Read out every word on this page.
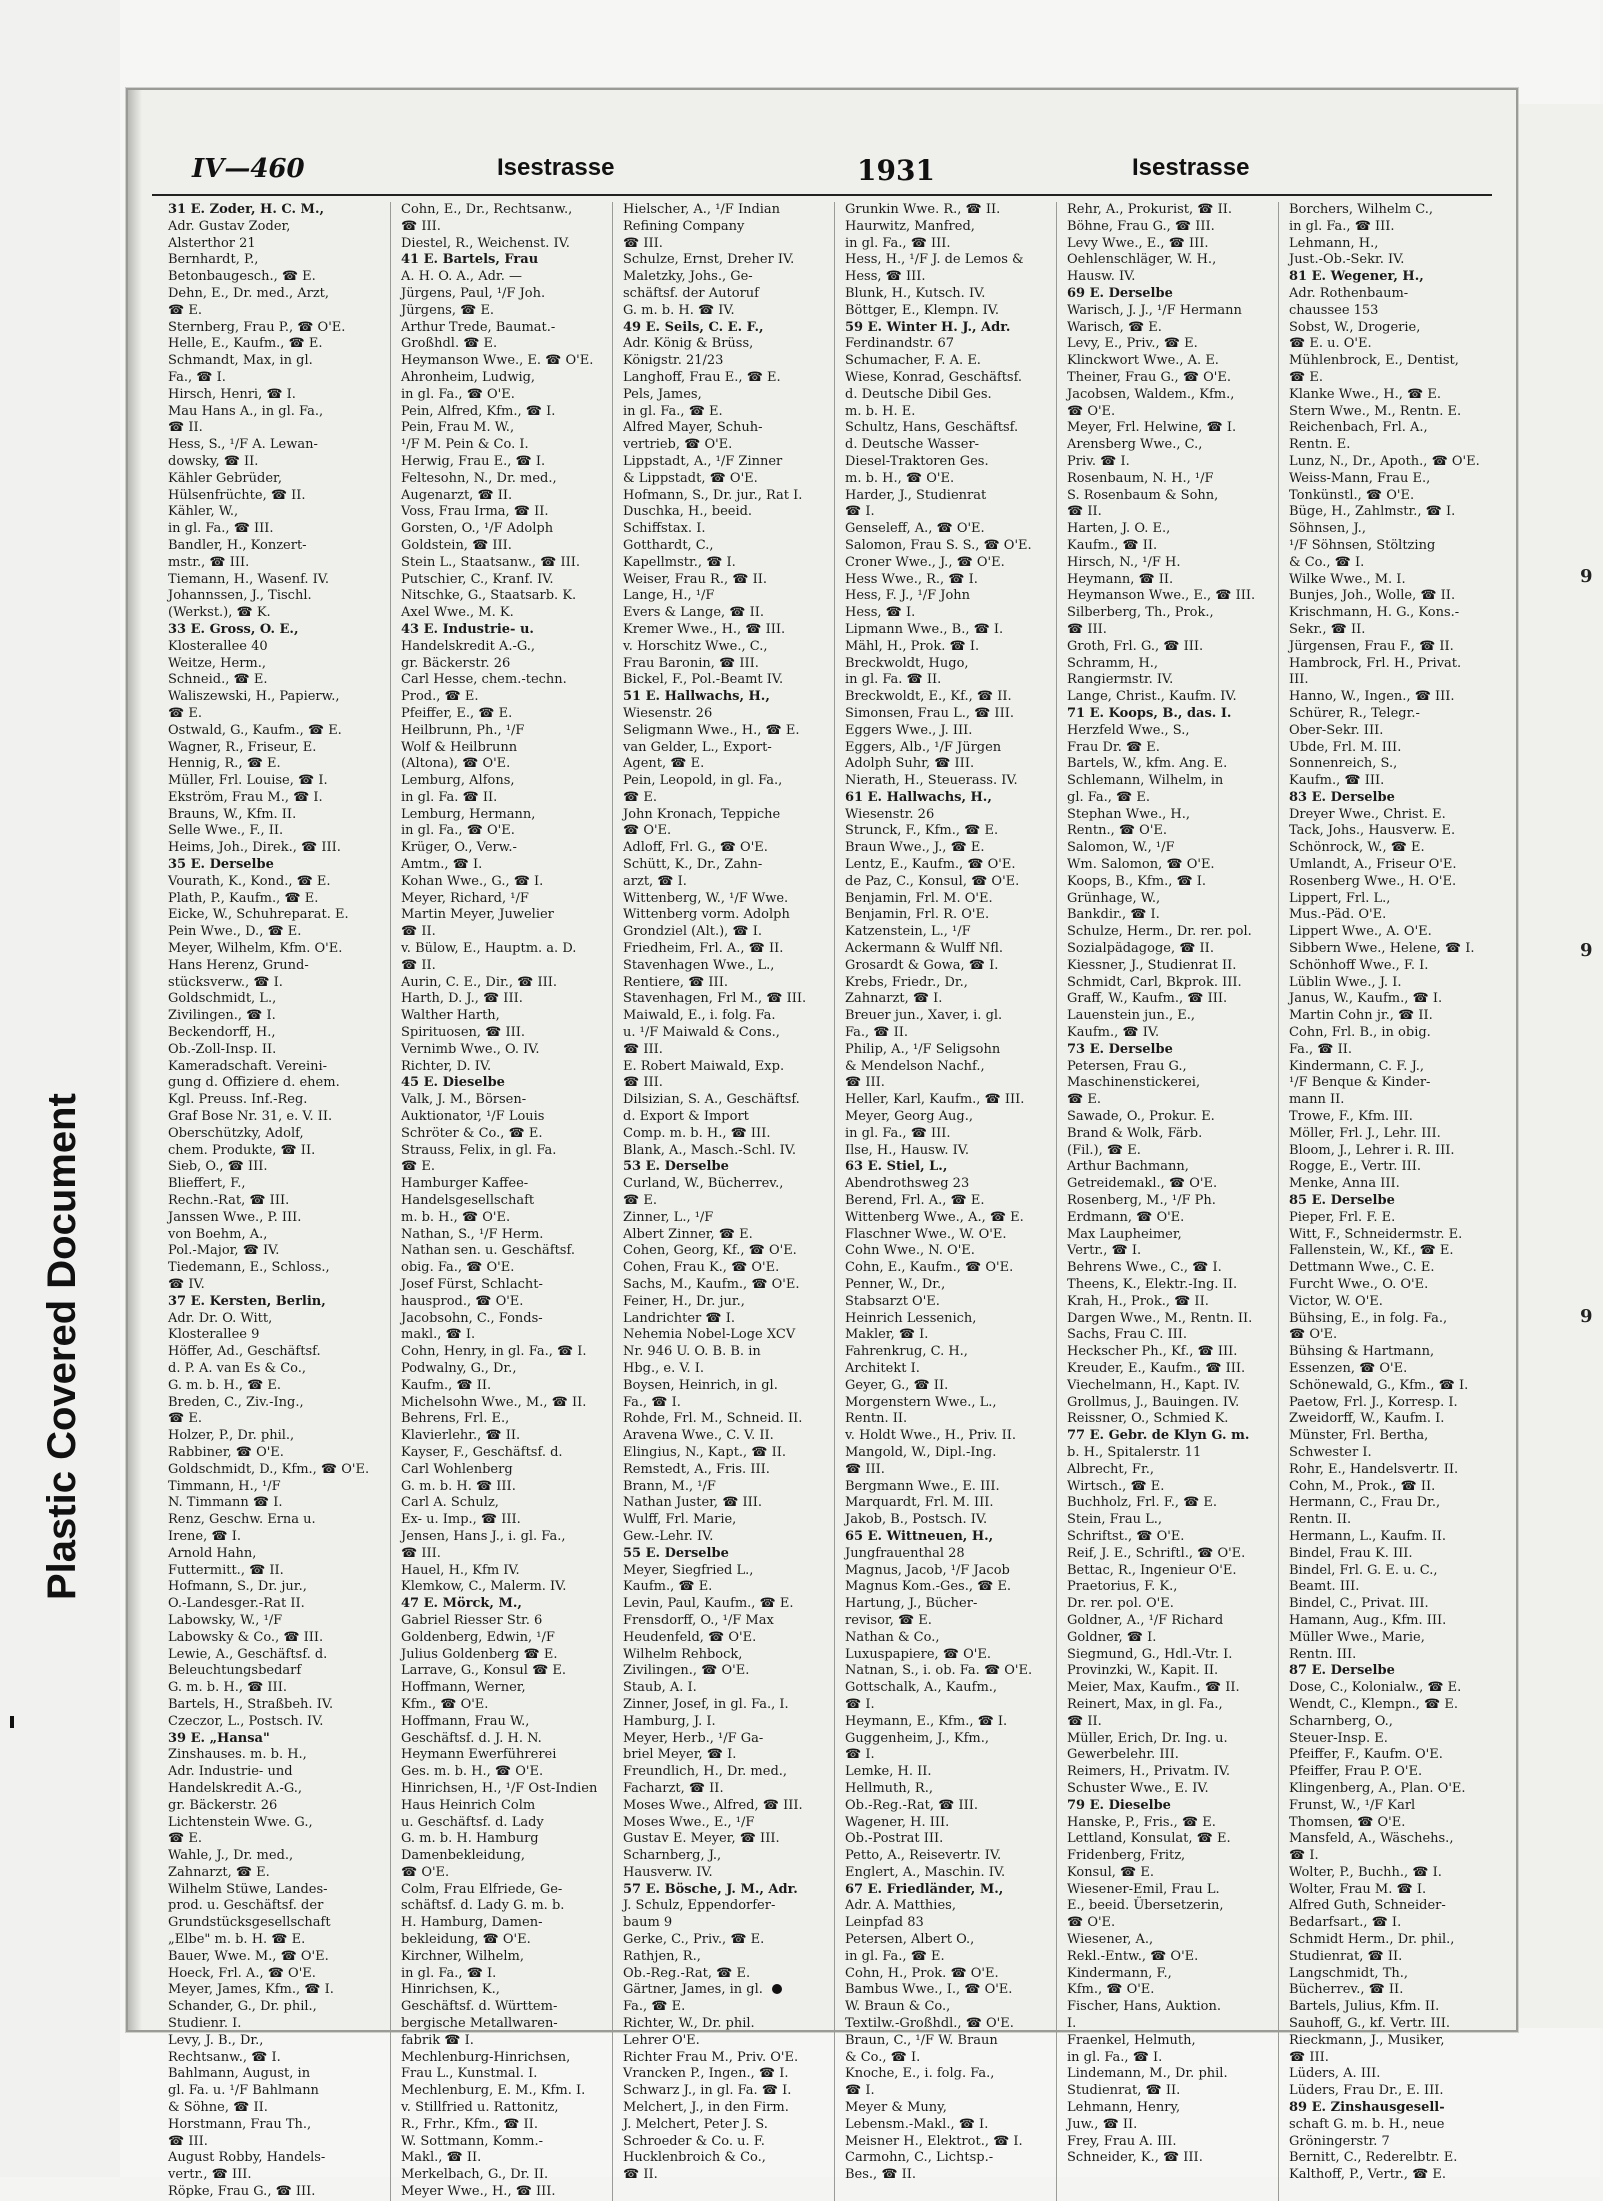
Plastic Covered Document
9
9
9
IV—460	Isestrasse	1931	Isestrasse
31 E. Zoder, H. C. M.,
Adr. Gustav Zoder,
Alsterthor 21
Bernhardt, P.,
Betonbaugesch., ☎ E.
Dehn, E., Dr. med., Arzt,
☎ E.
Sternberg, Frau P., ☎ O'E.
Helle, E., Kaufm., ☎ E.
Schmandt, Max, in gl.
Fa., ☎ I.
Hirsch, Henri, ☎ I.
Mau Hans A., in gl. Fa.,
☎ II.
Hess, S., ¹/F A. Lewan-
dowsky, ☎ II.
Kähler Gebrüder,
Hülsenfrüchte, ☎ II.
Kähler, W.,
in gl. Fa., ☎ III.
Bandler, H., Konzert-
mstr., ☎ III.
Tiemann, H., Wasenf. IV.
Johannssen, J., Tischl.
(Werkst.), ☎ K.
33 E. Gross, O. E.,
Klosterallee 40
Weitze, Herm.,
Schneid., ☎ E.
Waliszewski, H., Papierw.,
☎ E.
Ostwald, G., Kaufm., ☎ E.
Wagner, R., Friseur, E.
Hennig, R., ☎ E.
Müller, Frl. Louise, ☎ I.
Ekström, Frau M., ☎ I.
Brauns, W., Kfm. II.
Selle Wwe., F., II.
Heims, Joh., Direk., ☎ III.
35 E. Derselbe
Vourath, K., Kond., ☎ E.
Plath, P., Kaufm., ☎ E.
Eicke, W., Schuhreparat. E.
Pein Wwe., D., ☎ E.
Meyer, Wilhelm, Kfm. O'E.
Hans Herenz, Grund-
stücksverw., ☎ I.
Goldschmidt, L.,
Zivilingen., ☎ I.
Beckendorff, H.,
Ob.-Zoll-Insp. II.
Kameradschaft. Vereini-
gung d. Offiziere d. ehem.
Kgl. Preuss. Inf.-Reg.
Graf Bose Nr. 31, e. V. II.
Oberschützky, Adolf,
chem. Produkte, ☎ II.
Sieb, O., ☎ III.
Blieffert, F.,
Rechn.-Rat, ☎ III.
Janssen Wwe., P. III.
von Boehm, A.,
Pol.-Major, ☎ IV.
Tiedemann, E., Schloss.,
☎ IV.
37 E. Kersten, Berlin,
Adr. Dr. O. Witt,
Klosterallee 9
Höffer, Ad., Geschäftsf.
d. P. A. van Es & Co.,
G. m. b. H., ☎ E.
Breden, C., Ziv.-Ing.,
☎ E.
Holzer, P., Dr. phil.,
Rabbiner, ☎ O'E.
Goldschmidt, D., Kfm., ☎ O'E.
Timmann, H., ¹/F
N. Timmann ☎ I.
Renz, Geschw. Erna u.
Irene, ☎ I.
Arnold Hahn,
Futtermitt., ☎ II.
Hofmann, S., Dr. jur.,
O.-Landesger.-Rat II.
Labowsky, W., ¹/F
Labowsky & Co., ☎ III.
Lewie, A., Geschäftsf. d.
Beleuchtungsbedarf
G. m. b. H., ☎ III.
Bartels, H., Straßbeh. IV.
Czeczor, L., Postsch. IV.
39 E. „Hansa"
Zinshauses. m. b. H.,
Adr. Industrie- und
Handelskredit A.-G.,
gr. Bäckerstr. 26
Lichtenstein Wwe. G.,
☎ E.
Wahle, J., Dr. med.,
Zahnarzt, ☎ E.
Wilhelm Stüwe, Landes-
prod. u. Geschäftsf. der
Grundstücksgesellschaft
„Elbe" m. b. H. ☎ E.
Bauer, Wwe. M., ☎ O'E.
Hoeck, Frl. A., ☎ O'E.
Meyer, James, Kfm., ☎ I.
Schander, G., Dr. phil.,
Studienr. I.
Levy, J. B., Dr.,
Rechtsanw., ☎ I.
Bahlmann, August, in
gl. Fa. u. ¹/F Bahlmann
& Söhne, ☎ II.
Horstmann, Frau Th.,
☎ III.
August Robby, Handels-
vertr., ☎ III.
Röpke, Frau G., ☎ III.
Cohn, E., Dr., Rechtsanw.,
☎ III.
Diestel, R., Weichenst. IV.
41 E. Bartels, Frau
A. H. O. A., Adr. —
Jürgens, Paul, ¹/F Joh.
Jürgens, ☎ E.
Arthur Trede, Baumat.-
Großhdl. ☎ E.
Heymanson Wwe., E. ☎ O'E.
Ahronheim, Ludwig,
in gl. Fa., ☎ O'E.
Pein, Alfred, Kfm., ☎ I.
Pein, Frau M. W.,
¹/F M. Pein & Co. I.
Herwig, Frau E., ☎ I.
Feltesohn, N., Dr. med.,
Augenarzt, ☎ II.
Voss, Frau Irma, ☎ II.
Gorsten, O., ¹/F Adolph
Goldstein, ☎ III.
Stein L., Staatsanw., ☎ III.
Putschier, C., Kranf. IV.
Nitschke, G., Staatsarb. K.
Axel Wwe., M. K.
43 E. Industrie- u.
Handelskredit A.-G.,
gr. Bäckerstr. 26
Carl Hesse, chem.-techn.
Prod., ☎ E.
Pfeiffer, E., ☎ E.
Heilbrunn, Ph., ¹/F
Wolf & Heilbrunn
(Altona), ☎ O'E.
Lemburg, Alfons,
in gl. Fa. ☎ II.
Lemburg, Hermann,
in gl. Fa., ☎ O'E.
Krüger, O., Verw.-
Amtm., ☎ I.
Kohan Wwe., G., ☎ I.
Meyer, Richard, ¹/F
Martin Meyer, Juwelier
☎ II.
v. Bülow, E., Hauptm. a. D.
☎ II.
Aurin, C. E., Dir., ☎ III.
Harth, D. J., ☎ III.
Walther Harth,
Spirituosen, ☎ III.
Vernimb Wwe., O. IV.
Richter, D. IV.
45 E. Dieselbe
Valk, J. M., Börsen-
Auktionator, ¹/F Louis
Schröter & Co., ☎ E.
Strauss, Felix, in gl. Fa.
☎ E.
Hamburger Kaffee-
Handelsgesellschaft
m. b. H., ☎ O'E.
Nathan, S., ¹/F Herm.
Nathan sen. u. Geschäftsf.
obig. Fa., ☎ O'E.
Josef Fürst, Schlacht-
hausprod., ☎ O'E.
Jacobsohn, C., Fonds-
makl., ☎ I.
Cohn, Henry, in gl. Fa., ☎ I.
Podwalny, G., Dr.,
Kaufm., ☎ II.
Michelsohn Wwe., M., ☎ II.
Behrens, Frl. E.,
Klavierlehr., ☎ II.
Kayser, F., Geschäftsf. d.
Carl Wohlenberg
G. m. b. H. ☎ III.
Carl A. Schulz,
Ex- u. Imp., ☎ III.
Jensen, Hans J., i. gl. Fa.,
☎ III.
Hauel, H., Kfm IV.
Klemkow, C., Malerm. IV.
47 E. Mörck, M.,
Gabriel Riesser Str. 6
Goldenberg, Edwin, ¹/F
Julius Goldenberg ☎ E.
Larrave, G., Konsul ☎ E.
Hoffmann, Werner,
Kfm., ☎ O'E.
Hoffmann, Frau W.,
Geschäftsf. d. J. H. N.
Heymann Ewerführerei
Ges. m. b. H., ☎ O'E.
Hinrichsen, H., ¹/F Ost-Indien
Haus Heinrich Colm
u. Geschäftsf. d. Lady
G. m. b. H. Hamburg
Damenbekleidung,
☎ O'E.
Colm, Frau Elfriede, Ge-
schäftsf. d. Lady G. m. b.
H. Hamburg, Damen-
bekleidung, ☎ O'E.
Kirchner, Wilhelm,
in gl. Fa., ☎ I.
Hinrichsen, K.,
Geschäftsf. d. Württem-
bergische Metallwaren-
fabrik ☎ I.
Mechlenburg-Hinrichsen,
Frau L., Kunstmal. I.
Mechlenburg, E. M., Kfm. I.
v. Stillfried u. Rattonitz,
R., Frhr., Kfm., ☎ II.
W. Sottmann, Komm.-
Makl., ☎ II.
Merkelbach, G., Dr. II.
Meyer Wwe., H., ☎ III.
Hielscher, A., ¹/F Indian
Refining Company
☎ III.
Schulze, Ernst, Dreher IV.
Maletzky, Johs., Ge-
schäftsf. der Autoruf
G. m. b. H. ☎ IV.
49 E. Seils, C. E. F.,
Adr. König & Brüss,
Königstr. 21/23
Langhoff, Frau E., ☎ E.
Pels, James,
in gl. Fa., ☎ E.
Alfred Mayer, Schuh-
vertrieb, ☎ O'E.
Lippstadt, A., ¹/F Zinner
& Lippstadt, ☎ O'E.
Hofmann, S., Dr. jur., Rat I.
Duschka, H., beeid.
Schiffstax. I.
Gotthardt, C.,
Kapellmstr., ☎ I.
Weiser, Frau R., ☎ II.
Lange, H., ¹/F
Evers & Lange, ☎ II.
Kremer Wwe., H., ☎ III.
v. Horschitz Wwe., C.,
Frau Baronin, ☎ III.
Bickel, F., Pol.-Beamt IV.
51 E. Hallwachs, H.,
Wiesenstr. 26
Seligmann Wwe., H., ☎ E.
van Gelder, L., Export-
Agent, ☎ E.
Pein, Leopold, in gl. Fa.,
☎ E.
John Kronach, Teppiche
☎ O'E.
Adloff, Frl. G., ☎ O'E.
Schütt, K., Dr., Zahn-
arzt, ☎ I.
Wittenberg, W., ¹/F Wwe.
Wittenberg vorm. Adolph
Grondziel (Alt.), ☎ I.
Friedheim, Frl. A., ☎ II.
Stavenhagen Wwe., L.,
Rentiere, ☎ III.
Stavenhagen, Frl M., ☎ III.
Maiwald, E., i. folg. Fa.
u. ¹/F Maiwald & Cons.,
☎ III.
E. Robert Maiwald, Exp.
☎ III.
Dilsizian, S. A., Geschäftsf.
d. Export & Import
Comp. m. b. H., ☎ III.
Blank, A., Masch.-Schl. IV.
53 E. Derselbe
Curland, W., Bücherrev.,
☎ E.
Zinner, L., ¹/F
Albert Zinner, ☎ E.
Cohen, Georg, Kf., ☎ O'E.
Cohen, Frau K., ☎ O'E.
Sachs, M., Kaufm., ☎ O'E.
Feiner, H., Dr. jur.,
Landrichter ☎ I.
Nehemia Nobel-Loge XCV
Nr. 946 U. O. B. B. in
Hbg., e. V. I.
Boysen, Heinrich, in gl.
Fa., ☎ I.
Rohde, Frl. M., Schneid. II.
Aravena Wwe., C. V. II.
Elingius, N., Kapt., ☎ II.
Remstedt, A., Fris. III.
Brann, M., ¹/F
Nathan Juster, ☎ III.
Wulff, Frl. Marie,
Gew.-Lehr. IV.
55 E. Derselbe
Meyer, Siegfried L.,
Kaufm., ☎ E.
Levin, Paul, Kaufm., ☎ E.
Frensdorff, O., ¹/F Max
Heudenfeld, ☎ O'E.
Wilhelm Rehbock,
Zivilingen., ☎ O'E.
Staub, A. I.
Zinner, Josef, in gl. Fa., I.
Hamburg, J. I.
Meyer, Herb., ¹/F Ga-
briel Meyer, ☎ I.
Freundlich, H., Dr. med.,
Facharzt, ☎ II.
Moses Wwe., Alfred, ☎ III.
Moses Wwe., E., ¹/F
Gustav E. Meyer, ☎ III.
Scharnberg, J.,
Hausverw. IV.
57 E. Bösche, J. M., Adr.
J. Schulz, Eppendorfer-
baum 9
Gerke, C., Priv., ☎ E.
Rathjen, R.,
Ob.-Reg.-Rat, ☎ E.
Gärtner, James, in gl.
Fa., ☎ E.
Richter, W., Dr. phil.
Lehrer O'E.
Richter Frau M., Priv. O'E.
Vrancken P., Ingen., ☎ I.
Schwarz J., in gl. Fa. ☎ I.
Melchert, J., in den Firm.
J. Melchert, Peter J. S.
Schroeder & Co. u. F.
Hucklenbroich & Co.,
☎ II.
Grunkin Wwe. R., ☎ II.
Haurwitz, Manfred,
in gl. Fa., ☎ III.
Hess, H., ¹/F J. de Lemos &
Hess, ☎ III.
Blunk, H., Kutsch. IV.
Böttger, E., Klempn. IV.
59 E. Winter H. J., Adr.
Ferdinandstr. 67
Schumacher, F. A. E.
Wiese, Konrad, Geschäftsf.
d. Deutsche Dibil Ges.
m. b. H. E.
Schultz, Hans, Geschäftsf.
d. Deutsche Wasser-
Diesel-Traktoren Ges.
m. b. H., ☎ O'E.
Harder, J., Studienrat
☎ I.
Genseleff, A., ☎ O'E.
Salomon, Frau S. S., ☎ O'E.
Croner Wwe., J., ☎ O'E.
Hess Wwe., R., ☎ I.
Hess, F. J., ¹/F John
Hess, ☎ I.
Lipmann Wwe., B., ☎ I.
Mähl, H., Prok. ☎ I.
Breckwoldt, Hugo,
in gl. Fa. ☎ II.
Breckwoldt, E., Kf., ☎ II.
Simonsen, Frau L., ☎ III.
Eggers Wwe., J. III.
Eggers, Alb., ¹/F Jürgen
Adolph Suhr, ☎ III.
Nierath, H., Steuerass. IV.
61 E. Hallwachs, H.,
Wiesenstr. 26
Strunck, F., Kfm., ☎ E.
Braun Wwe., J., ☎ E.
Lentz, E., Kaufm., ☎ O'E.
de Paz, C., Konsul, ☎ O'E.
Benjamin, Frl. M. O'E.
Benjamin, Frl. R. O'E.
Katzenstein, L., ¹/F
Ackermann & Wulff Nfl.
Grosardt & Gowa, ☎ I.
Krebs, Friedr., Dr.,
Zahnarzt, ☎ I.
Breuer jun., Xaver, i. gl.
Fa., ☎ II.
Philip, A., ¹/F Seligsohn
& Mendelson Nachf.,
☎ III.
Heller, Karl, Kaufm., ☎ III.
Meyer, Georg Aug.,
in gl. Fa., ☎ III.
Ilse, H., Hausw. IV.
63 E. Stiel, L.,
Abendrothsweg 23
Berend, Frl. A., ☎ E.
Wittenberg Wwe., A., ☎ E.
Flaschner Wwe., W. O'E.
Cohn Wwe., N. O'E.
Cohn, E., Kaufm., ☎ O'E.
Penner, W., Dr.,
Stabsarzt O'E.
Heinrich Lessenich,
Makler, ☎ I.
Fahrenkrug, C. H.,
Architekt I.
Geyer, G., ☎ II.
Morgenstern Wwe., L.,
Rentn. II.
v. Holdt Wwe., H., Priv. II.
Mangold, W., Dipl.-Ing.
☎ III.
Bergmann Wwe., E. III.
Marquardt, Frl. M. III.
Jakob, B., Postsch. IV.
65 E. Wittneuen, H.,
Jungfrauenthal 28
Magnus, Jacob, ¹/F Jacob
Magnus Kom.-Ges., ☎ E.
Hartung, J., Bücher-
revisor, ☎ E.
Nathan & Co.,
Luxuspapiere, ☎ O'E.
Natnan, S., i. ob. Fa. ☎ O'E.
Gottschalk, A., Kaufm.,
☎ I.
Heymann, E., Kfm., ☎ I.
Guggenheim, J., Kfm.,
☎ I.
Lemke, H. II.
Hellmuth, R.,
Ob.-Reg.-Rat, ☎ III.
Wagener, H. III.
Ob.-Postrat III.
Petto, A., Reisevertr. IV.
Englert, A., Maschin. IV.
67 E. Friedländer, M.,
Adr. A. Matthies,
Leinpfad 83
Petersen, Albert O.,
in gl. Fa., ☎ E.
Cohn, H., Prok. ☎ O'E.
Bambus Wwe., I., ☎ O'E.
W. Braun & Co.,
Textilw.-Großhdl., ☎ O'E.
Braun, C., ¹/F W. Braun
& Co., ☎ I.
Knoche, E., i. folg. Fa.,
☎ I.
Meyer & Muny,
Lebensm.-Makl., ☎ I.
Meisner H., Elektrot., ☎ I.
Carmohn, C., Lichtsp.-
Bes., ☎ II.
Rehr, A., Prokurist, ☎ II.
Böhne, Frau G., ☎ III.
Levy Wwe., E., ☎ III.
Oehlenschläger, W. H.,
Hausw. IV.
69 E. Derselbe
Warisch, J. J., ¹/F Hermann
Warisch, ☎ E.
Levy, E., Priv., ☎ E.
Klinckwort Wwe., A. E.
Theiner, Frau G., ☎ O'E.
Jacobsen, Waldem., Kfm.,
☎ O'E.
Meyer, Frl. Helwine, ☎ I.
Arensberg Wwe., C.,
Priv. ☎ I.
Rosenbaum, N. H., ¹/F
S. Rosenbaum & Sohn,
☎ II.
Harten, J. O. E.,
Kaufm., ☎ II.
Hirsch, N., ¹/F H.
Heymann, ☎ II.
Heymanson Wwe., E., ☎ III.
Silberberg, Th., Prok.,
☎ III.
Groth, Frl. G., ☎ III.
Schramm, H.,
Rangiermstr. IV.
Lange, Christ., Kaufm. IV.
71 E. Koops, B., das. I.
Herzfeld Wwe., S.,
Frau Dr. ☎ E.
Bartels, W., kfm. Ang. E.
Schlemann, Wilhelm, in
gl. Fa., ☎ E.
Stephan Wwe., H.,
Rentn., ☎ O'E.
Salomon, W., ¹/F
Wm. Salomon, ☎ O'E.
Koops, B., Kfm., ☎ I.
Grünhage, W.,
Bankdir., ☎ I.
Schulze, Herm., Dr. rer. pol.
Sozialpädagoge, ☎ II.
Kiessner, J., Studienrat II.
Schmidt, Carl, Bkprok. III.
Graff, W., Kaufm., ☎ III.
Lauenstein jun., E.,
Kaufm., ☎ IV.
73 E. Derselbe
Petersen, Frau G.,
Maschinenstickerei,
☎ E.
Sawade, O., Prokur. E.
Brand & Wolk, Färb.
(Fil.), ☎ E.
Arthur Bachmann,
Getreidemakl., ☎ O'E.
Rosenberg, M., ¹/F Ph.
Erdmann, ☎ O'E.
Max Laupheimer,
Vertr., ☎ I.
Behrens Wwe., C., ☎ I.
Theens, K., Elektr.-Ing. II.
Krah, H., Prok., ☎ II.
Dargen Wwe., M., Rentn. II.
Sachs, Frau C. III.
Heckscher Ph., Kf., ☎ III.
Kreuder, E., Kaufm., ☎ III.
Viechelmann, H., Kapt. IV.
Grollmus, J., Bauingen. IV.
Reissner, O., Schmied K.
77 E. Gebr. de Klyn G. m.
b. H., Spitalerstr. 11
Albrecht, Fr.,
Wirtsch., ☎ E.
Buchholz, Frl. F., ☎ E.
Stein, Frau L.,
Schriftst., ☎ O'E.
Reif, J. E., Schriftl., ☎ O'E.
Bettac, R., Ingenieur O'E.
Praetorius, F. K.,
Dr. rer. pol. O'E.
Goldner, A., ¹/F Richard
Goldner, ☎ I.
Siegmund, G., Hdl.-Vtr. I.
Provinzki, W., Kapit. II.
Meier, Max, Kaufm., ☎ II.
Reinert, Max, in gl. Fa.,
☎ II.
Müller, Erich, Dr. Ing. u.
Gewerbelehr. III.
Reimers, H., Privatm. IV.
Schuster Wwe., E. IV.
79 E. Dieselbe
Hanske, P., Fris., ☎ E.
Lettland, Konsulat, ☎ E.
Fridenberg, Fritz,
Konsul, ☎ E.
Wiesener-Emil, Frau L.
E., beeid. Übersetzerin,
☎ O'E.
Wiesener, A.,
Rekl.-Entw., ☎ O'E.
Kindermann, F.,
Kfm., ☎ O'E.
Fischer, Hans, Auktion.
I.
Fraenkel, Helmuth,
in gl. Fa., ☎ I.
Lindemann, M., Dr. phil.
Studienrat, ☎ II.
Lehmann, Henry,
Juw., ☎ II.
Frey, Frau A. III.
Schneider, K., ☎ III.
Borchers, Wilhelm C.,
in gl. Fa., ☎ III.
Lehmann, H.,
Just.-Ob.-Sekr. IV.
81 E. Wegener, H.,
Adr. Rothenbaum-
chaussee 153
Sobst, W., Drogerie,
☎ E. u. O'E.
Mühlenbrock, E., Dentist,
☎ E.
Klanke Wwe., H., ☎ E.
Stern Wwe., M., Rentn. E.
Reichenbach, Frl. A.,
Rentn. E.
Lunz, N., Dr., Apoth., ☎ O'E.
Weiss-Mann, Frau E.,
Tonkünstl., ☎ O'E.
Büge, H., Zahlmstr., ☎ I.
Söhnsen, J.,
¹/F Söhnsen, Stöltzing
& Co., ☎ I.
Wilke Wwe., M. I.
Bunjes, Joh., Wolle, ☎ II.
Krischmann, H. G., Kons.-
Sekr., ☎ II.
Jürgensen, Frau F., ☎ II.
Hambrock, Frl. H., Privat.
III.
Hanno, W., Ingen., ☎ III.
Schürer, R., Telegr.-
Ober-Sekr. III.
Ubde, Frl. M. III.
Sonnenreich, S.,
Kaufm., ☎ III.
83 E. Derselbe
Dreyer Wwe., Christ. E.
Tack, Johs., Hausverw. E.
Schönrock, W., ☎ E.
Umlandt, A., Friseur O'E.
Rosenberg Wwe., H. O'E.
Lippert, Frl. L.,
Mus.-Päd. O'E.
Lippert Wwe., A. O'E.
Sibbern Wwe., Helene, ☎ I.
Schönhoff Wwe., F. I.
Lüblin Wwe., J. I.
Janus, W., Kaufm., ☎ I.
Martin Cohn jr., ☎ II.
Cohn, Frl. B., in obig.
Fa., ☎ II.
Kindermann, C. F. J.,
¹/F Benque & Kinder-
mann II.
Trowe, F., Kfm. III.
Möller, Frl. J., Lehr. III.
Bloom, J., Lehrer i. R. III.
Rogge, E., Vertr. III.
Menke, Anna III.
85 E. Derselbe
Pieper, Frl. F. E.
Witt, F., Schneidermstr. E.
Fallenstein, W., Kf., ☎ E.
Dettmann Wwe., C. E.
Furcht Wwe., O. O'E.
Victor, W. O'E.
Bühsing, E., in folg. Fa.,
☎ O'E.
Bühsing & Hartmann,
Essenzen, ☎ O'E.
Schönewald, G., Kfm., ☎ I.
Paetow, Frl. J., Korresp. I.
Zweidorff, W., Kaufm. I.
Münster, Frl. Bertha,
Schwester I.
Rohr, E., Handelsvertr. II.
Cohn, M., Prok., ☎ II.
Hermann, C., Frau Dr.,
Rentn. II.
Hermann, L., Kaufm. II.
Bindel, Frau K. III.
Bindel, Frl. G. E. u. C.,
Beamt. III.
Bindel, C., Privat. III.
Hamann, Aug., Kfm. III.
Müller Wwe., Marie,
Rentn. III.
87 E. Derselbe
Dose, C., Kolonialw., ☎ E.
Wendt, C., Klempn., ☎ E.
Scharnberg, O.,
Steuer-Insp. E.
Pfeiffer, F., Kaufm. O'E.
Pfeiffer, Frau P. O'E.
Klingenberg, A., Plan. O'E.
Frunst, W., ¹/F Karl
Thomsen, ☎ O'E.
Mansfeld, A., Wäschehs.,
☎ I.
Wolter, P., Buchh., ☎ I.
Wolter, Frau M. ☎ I.
Alfred Guth, Schneider-
Bedarfsart., ☎ I.
Schmidt Herm., Dr. phil.,
Studienrat, ☎ II.
Langschmidt, Th.,
Bücherrev., ☎ II.
Bartels, Julius, Kfm. II.
Sauhoff, G., kf. Vertr. III.
Rieckmann, J., Musiker,
☎ III.
Lüders, A. III.
Lüders, Frau Dr., E. III.
89 E. Zinshausgesell-
schaft G. m. b. H., neue
Gröningerstr. 7
Bernitt, C., Rederelbtr. E.
Kalthoff, P., Vertr., ☎ E.
